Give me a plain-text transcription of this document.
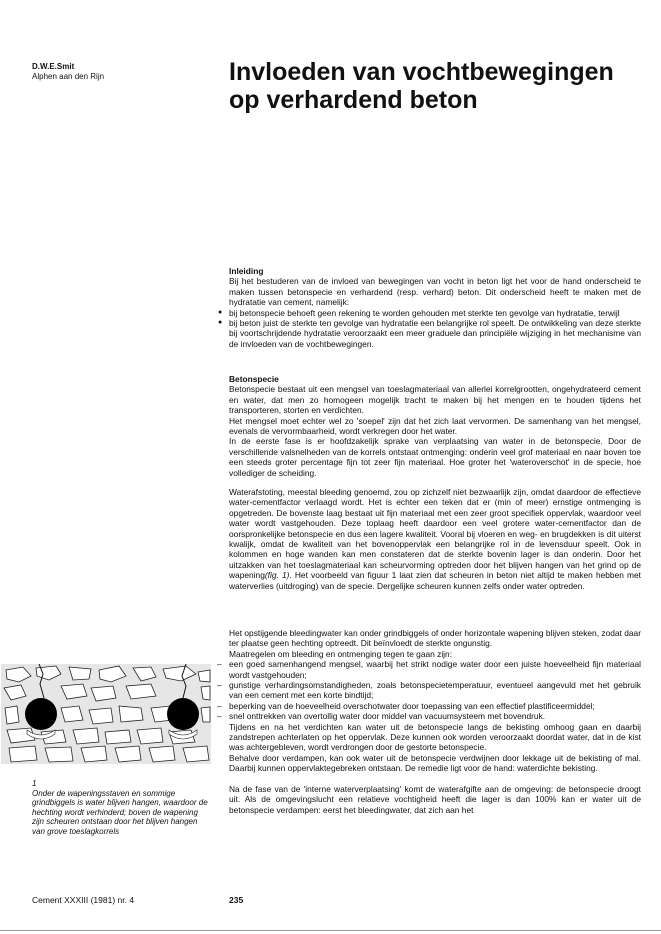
D.W.E.Smit
Alphen aan den Rijn	Invloeden van vochtbewegingen op verhardend beton
Inleiding

Bij het bestuderen van de invloed van bewegingen van vocht in beton ligt het voor de hand onderscheid te maken tussen betonspecie en verhardend (resp. verhard) beton. Dit onderscheid heeft te maken met de hydratatie van cement, namelijk:

● bij betonspecie behoeft geen rekening te worden gehouden met sterkte ten gevolge van hydratatie, terwijl

● bij beton juist de sterkte ten gevolge van hydratatie een belangrijke rol speelt. De ontwikkeling van deze sterkte bij voortschrijdende hydratatie veroorzaakt een meer graduele dan principiële wijziging in het mechanisme van de invloeden van de vochtbewegingen.

Betonspecie

Betonspecie bestaat uit een mengsel van toeslagmateriaal van allerlei korrelgrootten, ongehydrateerd cement en water, dat men zo homogeen mogelijk tracht te maken bij het mengen en te houden tijdens het transporteren, storten en verdichten.

Het mengsel moet echter wel zo 'soepel' zijn dat het zich laat vervormen. De samenhang van het mengsel, evenals de vervormbaarheid, wordt verkregen door het water.

In de eerste fase is er hoofdzakelijk sprake van verplaatsing van water in de betonspecie. Door de verschillende valsnelheden van de korrels ontstaat ontmenging: onderin veel grof materiaal en naar boven toe een steeds groter percentage fijn tot zeer fijn materiaal. Hoe groter het 'wateroverschot' in de specie, hoe vollediger de scheiding.

Waterafstoting, meestal bleeding genoemd, zou op zichzelf niet bezwaarlijk zijn, omdat daardoor de effectieve water-cementfactor verlaagd wordt. Het is echter een teken dat er (min of meer) ernstige ontmenging is opgetreden. De bovenste laag bestaat uit fijn materiaal met een zeer groot specifiek oppervlak, waardoor veel water wordt vastgehouden. Deze toplaag heeft daardoor een veel grotere water-cementfactor dan de oorspronkelijke betonspecie en dus een lagere kwaliteit. Vooral bij vloeren en weg- en brugdekken is dit uiterst kwalijk, omdat de kwaliteit van het bovenoppervlak een belangrijke rol in de levensduur speelt. Ook in kolommen en hoge wanden kan men constateren dat de sterkte bovenin lager is dan onderin. Door het uitzakken van het toeslagmateriaal kan scheurvorming optreden door het blijven hangen van het grind op de wapening(fig. 1). Het voorbeeld van figuur 1 laat zien dat scheuren in beton niet altijd te maken hebben met waterverlies (uitdroging) van de specie. Dergelijke scheuren kunnen zelfs onder water optreden.

Het opstijgende bleedingwater kan onder grindbiggels of onder horizontale wapening blijven steken, zodat daar ter plaatse geen hechting optreedt. Dit beïnvloedt de sterkte ongunstig.

Maatregelen om bleeding en ontmenging tegen te gaan zijn:

– een goed samenhangend mengsel, waarbij het strikt nodige water door een juiste hoeveelheid fijn materiaal wordt vastgehouden;

– gunstige verhardingsomstandigheden, zoals betonspecietemperatuur, eventueel aangevuld met het gebruik van een cement met een korte bindtijd;

– beperking van de hoeveelheid overschotwater door toepassing van een effectief plastificeermiddel;

– snel onttrekken van overtollig water door middel van vacuumsysteem met bovendruk.

Tijdens en na het verdichten kan water uit de betonspecie langs de bekisting omhoog gaan en daarbij zandstrepen achterlaten op het oppervlak. Deze kunnen ook worden veroorzaakt doordat water, dat in de kist was achtergebleven, wordt verdrongen door de gestorte betonspecie.

Behalve door verdampen, kan ook water uit de betonspecie verdwijnen door lekkage uit de bekisting of mal. Daarbij kunnen oppervlaktegebreken ontstaan. De remedie ligt voor de hand: waterdichte bekisting.

Na de fase van de 'interne waterverplaatsing' komt de waterafgifte aan de omgeving: de betonspecie droogt uit. Als de omgevingslucht een relatieve vochtigheid heeft die lager is dan 100% kan er water uit de betonspecie verdampen: eerst het bleedingwater, dat zich aan het

1
Onder de wapeningsstaven en sommige grindbiggels is water blijven hangen, waardoor de hechting wordt verhinderd; boven de wapening zijn scheuren ontstaan door het blijven hangen van grove toeslagkorrels
Cement XXXIII (1981) nr. 4	235
